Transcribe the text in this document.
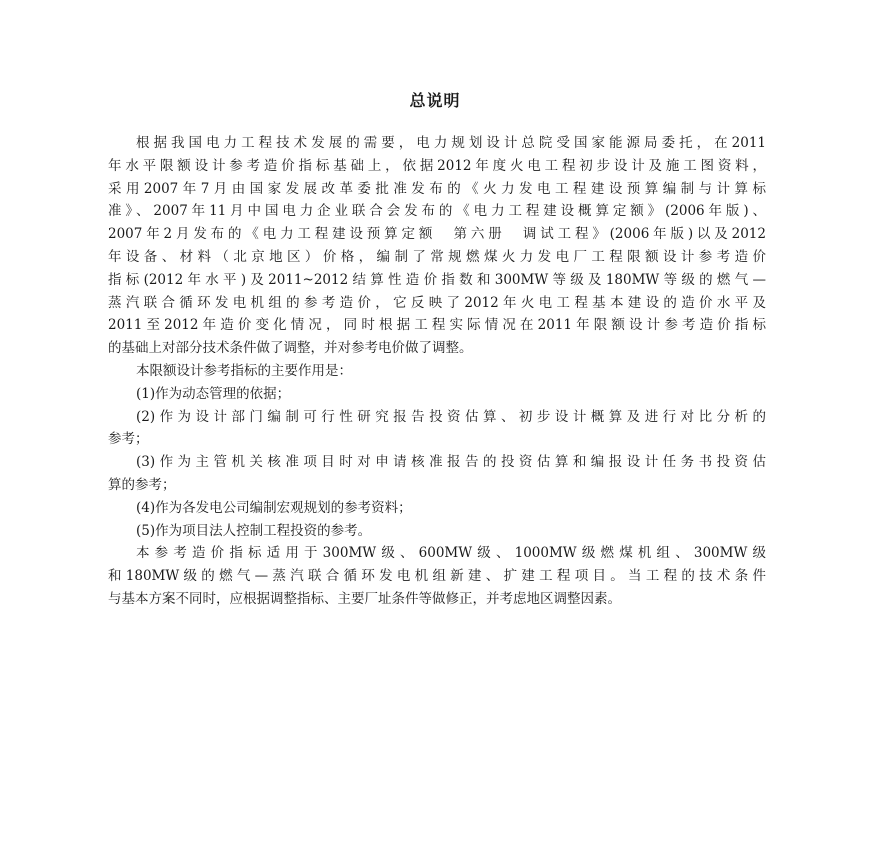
总说明
根据我国电力工程技术发展的需要，电力规划设计总院受国家能源局委托，在2011
年水平限额设计参考造价指标基础上，依据2012年度火电工程初步设计及施工图资料，
采用2007年7月由国家发展改革委批准发布的《火力发电工程建设预算编制与计算标
准》、2007年11月中国电力企业联合会发布的《电力工程建设概算定额》(2006年版)、
2007年2月发布的《电力工程建设预算定额　第六册　调试工程》(2006年版)以及2012
年设备、材料（北京地区）价格，编制了常规燃煤火力发电厂工程限额设计参考造价
指标(2012年水平)及2011~2012结算性造价指数和300MW等级及180MW等级的燃气—
蒸汽联合循环发电机组的参考造价，它反映了2012年火电工程基本建设的造价水平及
2011至2012年造价变化情况，同时根据工程实际情况在2011年限额设计参考造价指标
的基础上对部分技术条件做了调整，并对参考电价做了调整。
本限额设计参考指标的主要作用是：
(1)作为动态管理的依据；
(2)作为设计部门编制可行性研究报告投资估算、初步设计概算及进行对比分析的
参考；
(3)作为主管机关核准项目时对申请核准报告的投资估算和编报设计任务书投资估
算的参考；
(4)作为各发电公司编制宏观规划的参考资料；
(5)作为项目法人控制工程投资的参考。
本参考造价指标适用于300MW级、600MW级、1000MW级燃煤机组、300MW级
和180MW级的燃气—蒸汽联合循环发电机组新建、扩建工程项目。当工程的技术条件
与基本方案不同时，应根据调整指标、主要厂址条件等做修正，并考虑地区调整因素。
